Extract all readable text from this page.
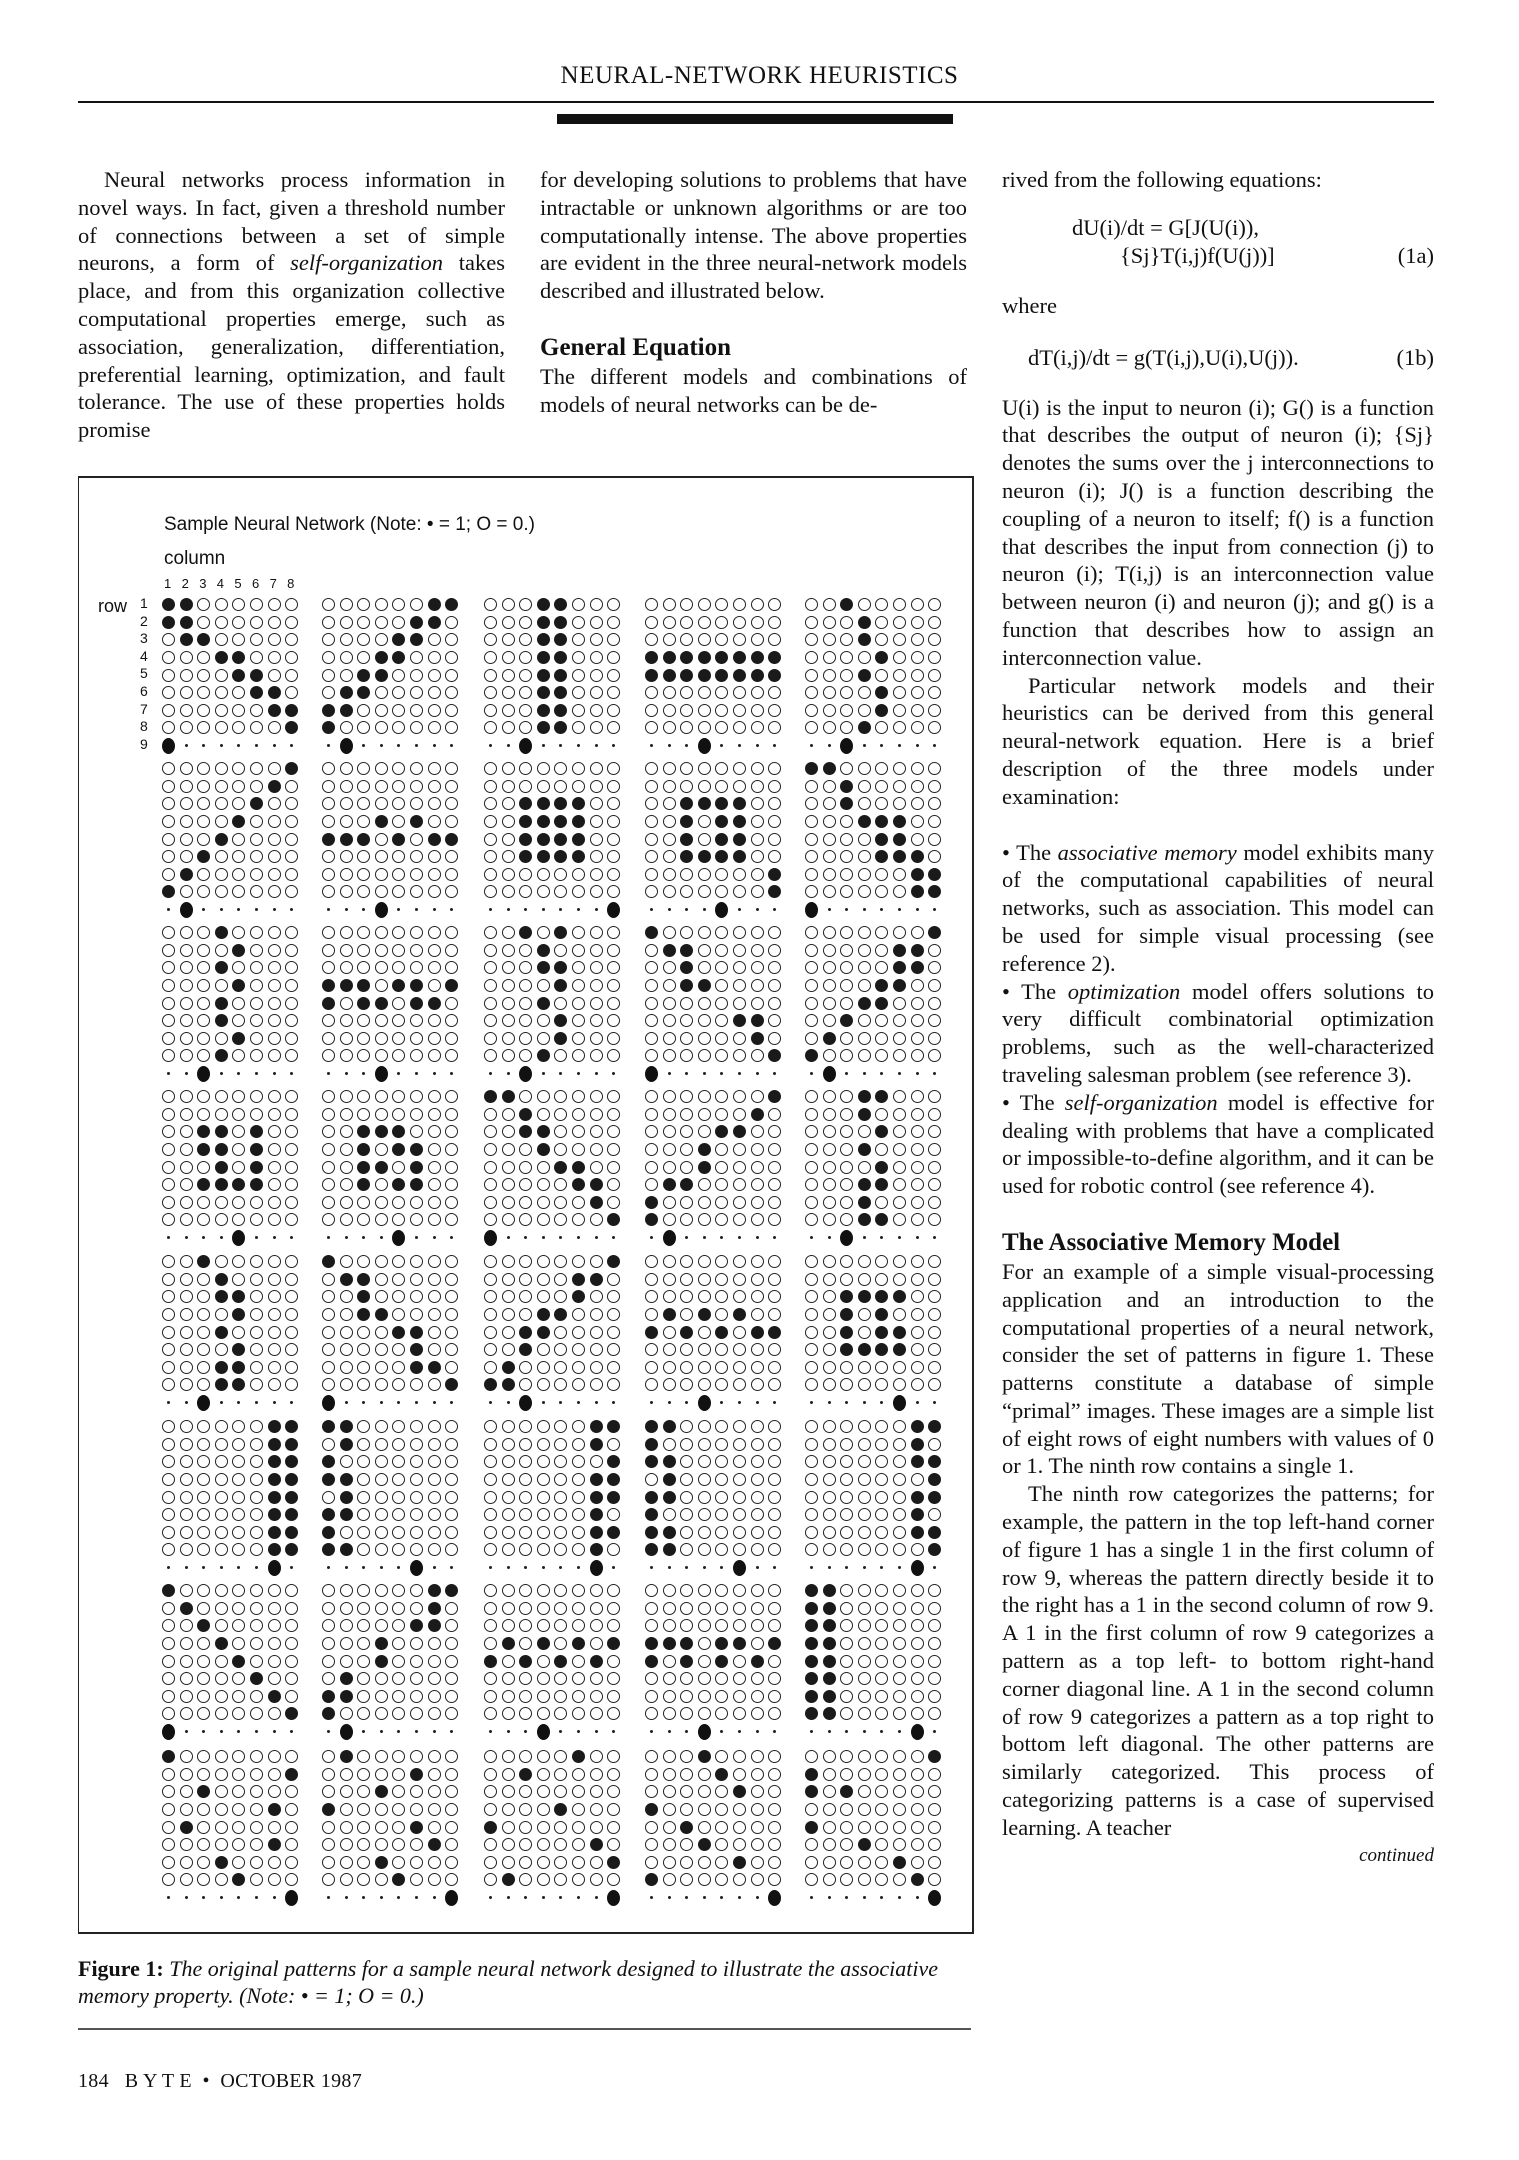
NEURAL-NETWORK HEURISTICS

Neural networks process information in novel ways. In fact, given a threshold number of connections between a set of simple neurons, a form of self-organization takes place, and from this organization collective computational properties emerge, such as association, generalization, differentiation, preferential learning, optimization, and fault tolerance. The use of these properties holds promise

for developing solutions to problems that have intractable or unknown algorithms or are too computationally intense. The above properties are evident in the three neural-network models described and illustrated below.

General Equation

The different models and combinations of models of neural networks can be de-

rived from the following equations:

dU(i)/dt = G[J(U(i)),
{Sj}T(i,j)f(U(j))]	(1a)

where

dT(i,j)/dt = g(T(i,j),U(i),U(j)).	(1b)

U(i) is the input to neuron (i); G() is a function that describes the output of neuron (i); {Sj} denotes the sums over the j interconnections to neuron (i); J() is a function describing the coupling of a neuron to itself; f() is a function that describes the input from connection (j) to neuron (i); T(i,j) is an interconnection value between neuron (i) and neuron (j); and g() is a function that describes how to assign an interconnection value.

Particular network models and their heuristics can be derived from this general neural-network equation. Here is a brief description of the three models under examination:

• The associative memory model exhibits many of the computational capabilities of neural networks, such as association. This model can be used for simple visual processing (see reference 2).

• The optimization model offers solutions to very difficult combinatorial optimization problems, such as the well-characterized traveling salesman problem (see reference 3).

• The self-organization model is effective for dealing with problems that have a complicated or impossible-to-define algorithm, and it can be used for robotic control (see reference 4).

The Associative Memory Model

For an example of a simple visual-processing application and an introduction to the computational properties of a neural network, consider the set of patterns in figure 1. These patterns constitute a database of simple “primal” images. These images are a simple list of eight rows of eight numbers with values of 0 or 1. The ninth row contains a single 1.

The ninth row categorizes the patterns; for example, the pattern in the top left-hand corner of figure 1 has a single 1 in the first column of row 9, whereas the pattern directly beside it to the right has a 1 in the second column of row 9. A 1 in the first column of row 9 categorizes a pattern as a top left- to bottom right-hand corner diagonal line. A 1 in the second column of row 9 categorizes a pattern as a top right to bottom left diagonal. The other patterns are similarly categorized. This process of categorizing patterns is a case of supervised learning. A teacher

continued

Sample Neural Network (Note: • = 1; O = 0.)
column
1 2 3 4 5 6 7 8
row 1
2
3
4
5
6
7
8
9
Figure 1: The original patterns for a sample neural network designed to illustrate the associative memory property. (Note: • = 1; O = 0.)
184   B Y T E  •  OCTOBER 1987
